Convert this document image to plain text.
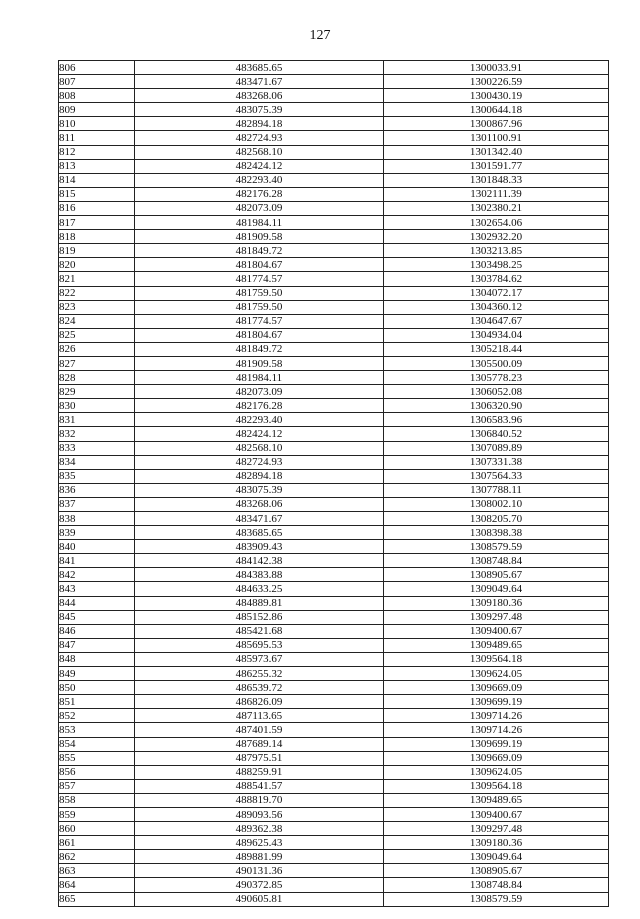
127
806	483685.65	1300033.91
807	483471.67	1300226.59
808	483268.06	1300430.19
809	483075.39	1300644.18
810	482894.18	1300867.96
811	482724.93	1301100.91
812	482568.10	1301342.40
813	482424.12	1301591.77
814	482293.40	1301848.33
815	482176.28	1302111.39
816	482073.09	1302380.21
817	481984.11	1302654.06
818	481909.58	1302932.20
819	481849.72	1303213.85
820	481804.67	1303498.25
821	481774.57	1303784.62
822	481759.50	1304072.17
823	481759.50	1304360.12
824	481774.57	1304647.67
825	481804.67	1304934.04
826	481849.72	1305218.44
827	481909.58	1305500.09
828	481984.11	1305778.23
829	482073.09	1306052.08
830	482176.28	1306320.90
831	482293.40	1306583.96
832	482424.12	1306840.52
833	482568.10	1307089.89
834	482724.93	1307331.38
835	482894.18	1307564.33
836	483075.39	1307788.11
837	483268.06	1308002.10
838	483471.67	1308205.70
839	483685.65	1308398.38
840	483909.43	1308579.59
841	484142.38	1308748.84
842	484383.88	1308905.67
843	484633.25	1309049.64
844	484889.81	1309180.36
845	485152.86	1309297.48
846	485421.68	1309400.67
847	485695.53	1309489.65
848	485973.67	1309564.18
849	486255.32	1309624.05
850	486539.72	1309669.09
851	486826.09	1309699.19
852	487113.65	1309714.26
853	487401.59	1309714.26
854	487689.14	1309699.19
855	487975.51	1309669.09
856	488259.91	1309624.05
857	488541.57	1309564.18
858	488819.70	1309489.65
859	489093.56	1309400.67
860	489362.38	1309297.48
861	489625.43	1309180.36
862	489881.99	1309049.64
863	490131.36	1308905.67
864	490372.85	1308748.84
865	490605.81	1308579.59
